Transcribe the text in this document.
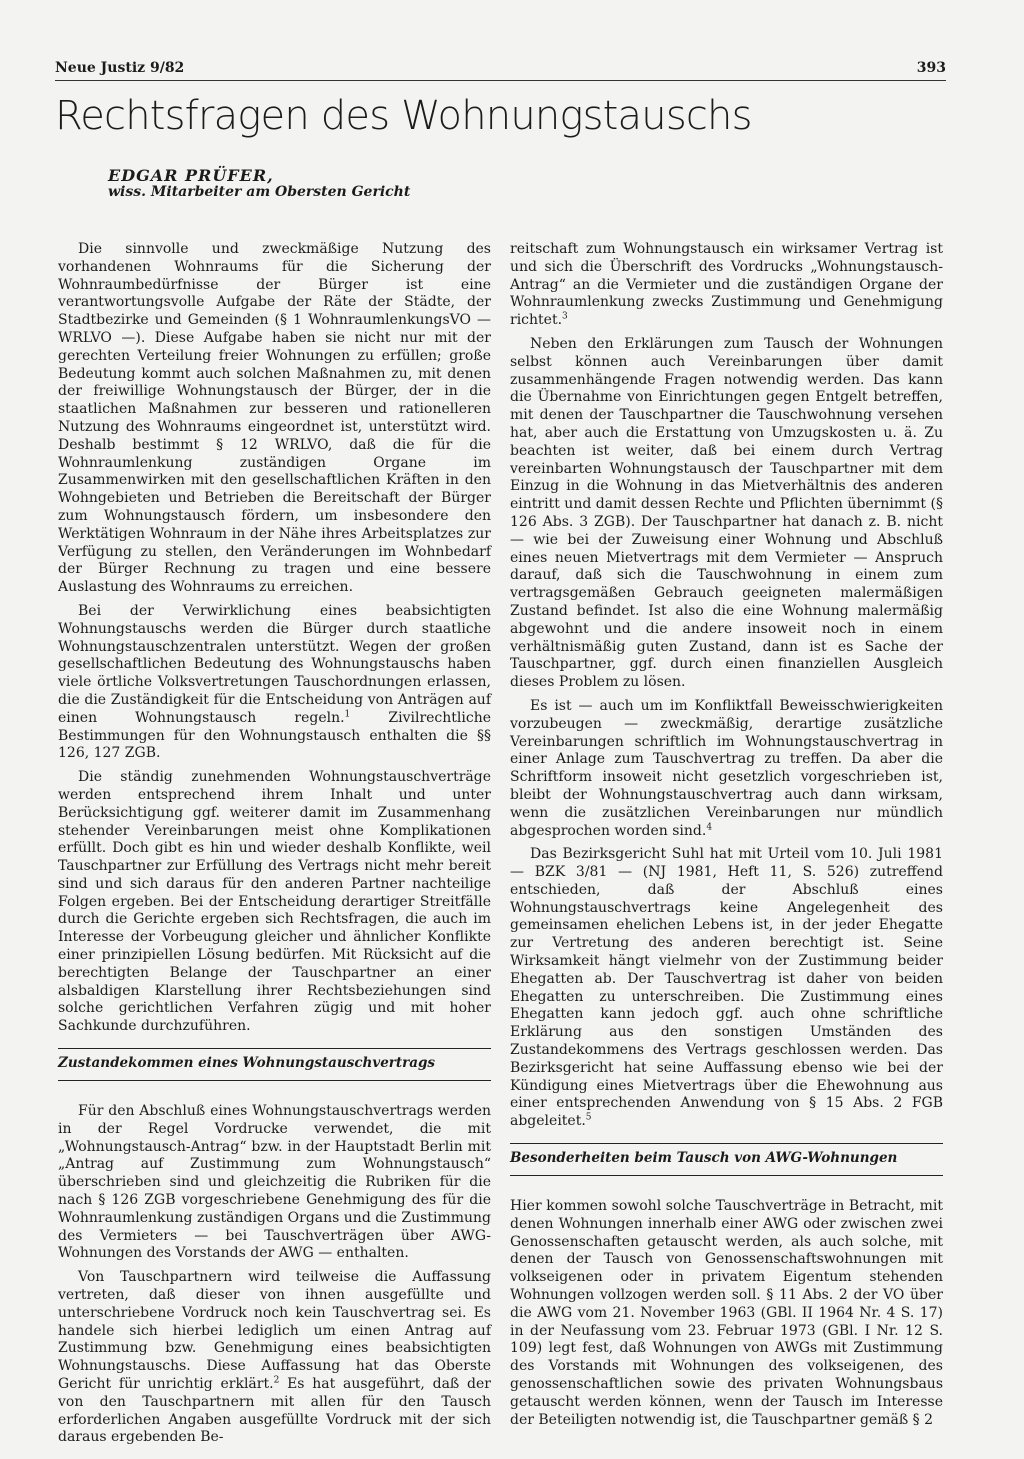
Neue Justiz 9/82	393
Rechtsfragen des Wohnungstauschs
EDGAR PRÜFER,
wiss. Mitarbeiter am Obersten Gericht

Die sinnvolle und zweckmäßige Nutzung des vorhandenen Wohnraums für die Sicherung der Wohnraumbedürfnisse der Bürger ist eine verantwortungsvolle Aufgabe der Räte der Städte, der Stadtbezirke und Gemeinden (§ 1 WohnraumlenkungsVO — WRLVO —). Diese Aufgabe haben sie nicht nur mit der gerechten Verteilung freier Wohnungen zu erfüllen; große Bedeutung kommt auch solchen Maßnahmen zu, mit denen der freiwillige Wohnungstausch der Bürger, der in die staatlichen Maßnahmen zur besseren und rationelleren Nutzung des Wohnraums eingeordnet ist, unterstützt wird. Deshalb bestimmt § 12 WRLVO, daß die für die Wohnraumlenkung zuständigen Organe im Zusammenwirken mit den gesellschaftlichen Kräften in den Wohngebieten und Betrieben die Bereitschaft der Bürger zum Wohnungstausch fördern, um insbesondere den Werktätigen Wohnraum in der Nähe ihres Arbeitsplatzes zur Verfügung zu stellen, den Veränderungen im Wohnbedarf der Bürger Rechnung zu tragen und eine bessere Auslastung des Wohnraums zu erreichen.

Bei der Verwirklichung eines beabsichtigten Wohnungstauschs werden die Bürger durch staatliche Wohnungstauschzentralen unterstützt. Wegen der großen gesellschaftlichen Bedeutung des Wohnungstauschs haben viele örtliche Volksvertretungen Tauschordnungen erlassen, die die Zuständigkeit für die Entscheidung von Anträgen auf einen Wohnungstausch regeln.$^1$ Zivilrechtliche Bestimmungen für den Wohnungstausch enthalten die §§ 126, 127 ZGB.

Die ständig zunehmenden Wohnungstauschverträge werden entsprechend ihrem Inhalt und unter Berücksichtigung ggf. weiterer damit im Zusammenhang stehender Vereinbarungen meist ohne Komplikationen erfüllt. Doch gibt es hin und wieder deshalb Konflikte, weil Tauschpartner zur Erfüllung des Vertrags nicht mehr bereit sind und sich daraus für den anderen Partner nachteilige Folgen ergeben. Bei der Entscheidung derartiger Streitfälle durch die Gerichte ergeben sich Rechtsfragen, die auch im Interesse der Vorbeugung gleicher und ähnlicher Konflikte einer prinzipiellen Lösung bedürfen. Mit Rücksicht auf die berechtigten Belange der Tauschpartner an einer alsbaldigen Klarstellung ihrer Rechtsbeziehungen sind solche gerichtlichen Verfahren zügig und mit hoher Sachkunde durchzuführen.

Zustandekommen eines Wohnungstauschvertrags

Für den Abschluß eines Wohnungstauschvertrags werden in der Regel Vordrucke verwendet, die mit „Wohnungstausch-Antrag“ bzw. in der Hauptstadt Berlin mit „Antrag auf Zustimmung zum Wohnungstausch“ überschrieben sind und gleichzeitig die Rubriken für die nach § 126 ZGB vorgeschriebene Genehmigung des für die Wohnraumlenkung zuständigen Organs und die Zustimmung des Vermieters — bei Tauschverträgen über AWG-Wohnungen des Vorstands der AWG — enthalten.

Von Tauschpartnern wird teilweise die Auffassung vertreten, daß dieser von ihnen ausgefüllte und unterschriebene Vordruck noch kein Tauschvertrag sei. Es handele sich hierbei lediglich um einen Antrag auf Zustimmung bzw. Genehmigung eines beabsichtigten Wohnungstauschs. Diese Auffassung hat das Oberste Gericht für unrichtig erklärt.$^2$ Es hat ausgeführt, daß der von den Tauschpartnern mit allen für den Tausch erforderlichen Angaben ausgefüllte Vordruck mit der sich daraus ergebenden Be-

reitschaft zum Wohnungstausch ein wirksamer Vertrag ist und sich die Überschrift des Vordrucks „Wohnungstausch-Antrag“ an die Vermieter und die zuständigen Organe der Wohnraumlenkung zwecks Zustimmung und Genehmigung richtet.$^3$

Neben den Erklärungen zum Tausch der Wohnungen selbst können auch Vereinbarungen über damit zusammenhängende Fragen notwendig werden. Das kann die Übernahme von Einrichtungen gegen Entgelt betreffen, mit denen der Tauschpartner die Tauschwohnung versehen hat, aber auch die Erstattung von Umzugskosten u. ä. Zu beachten ist weiter, daß bei einem durch Vertrag vereinbarten Wohnungstausch der Tauschpartner mit dem Einzug in die Wohnung in das Mietverhältnis des anderen eintritt und damit dessen Rechte und Pflichten übernimmt (§ 126 Abs. 3 ZGB). Der Tauschpartner hat danach z. B. nicht — wie bei der Zuweisung einer Wohnung und Abschluß eines neuen Mietvertrags mit dem Vermieter — Anspruch darauf, daß sich die Tauschwohnung in einem zum vertragsgemäßen Gebrauch geeigneten malermäßigen Zustand befindet. Ist also die eine Wohnung malermäßig abgewohnt und die andere insoweit noch in einem verhältnismäßig guten Zustand, dann ist es Sache der Tauschpartner, ggf. durch einen finanziellen Ausgleich dieses Problem zu lösen.

Es ist — auch um im Konfliktfall Beweisschwierigkeiten vorzubeugen — zweckmäßig, derartige zusätzliche Vereinbarungen schriftlich im Wohnungstauschvertrag in einer Anlage zum Tauschvertrag zu treffen. Da aber die Schriftform insoweit nicht gesetzlich vorgeschrieben ist, bleibt der Wohnungstauschvertrag auch dann wirksam, wenn die zusätzlichen Vereinbarungen nur mündlich abgesprochen worden sind.$^4$

Das Bezirksgericht Suhl hat mit Urteil vom 10. Juli 1981 — BZK 3/81 — (NJ 1981, Heft 11, S. 526) zutreffend entschieden, daß der Abschluß eines Wohnungstauschvertrags keine Angelegenheit des gemeinsamen ehelichen Lebens ist, in der jeder Ehegatte zur Vertretung des anderen berechtigt ist. Seine Wirksamkeit hängt vielmehr von der Zustimmung beider Ehegatten ab. Der Tauschvertrag ist daher von beiden Ehegatten zu unterschreiben. Die Zustimmung eines Ehegatten kann jedoch ggf. auch ohne schriftliche Erklärung aus den sonstigen Umständen des Zustandekommens des Vertrags geschlossen werden. Das Bezirksgericht hat seine Auffassung ebenso wie bei der Kündigung eines Mietvertrags über die Ehewohnung aus einer entsprechenden Anwendung von § 15 Abs. 2 FGB abgeleitet.$^5$

Besonderheiten beim Tausch von AWG-Wohnungen

Hier kommen sowohl solche Tauschverträge in Betracht, mit denen Wohnungen innerhalb einer AWG oder zwischen zwei Genossenschaften getauscht werden, als auch solche, mit denen der Tausch von Genossenschaftswohnungen mit volkseigenen oder in privatem Eigentum stehenden Wohnungen vollzogen werden soll. § 11 Abs. 2 der VO über die AWG vom 21. November 1963 (GBl. II 1964 Nr. 4 S. 17) in der Neufassung vom 23. Februar 1973 (GBl. I Nr. 12 S. 109) legt fest, daß Wohnungen von AWGs mit Zustimmung des Vorstands mit Wohnungen des volkseigenen, des genossenschaftlichen sowie des privaten Wohnungsbaus getauscht werden können, wenn der Tausch im Interesse der Beteiligten notwendig ist, die Tauschpartner gemäß § 2
